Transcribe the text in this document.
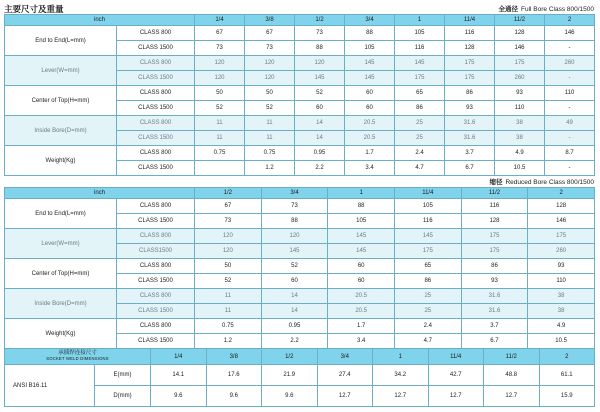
主要尺寸及重量	全通径 Full Bore Class 800/1500
inch		1/4	3/8	1/2	3/4	1	11/4	11/2	2
End to End(L=mm)	CLASS 800	67	67	73	88	105	116	128	146
	CLASS 1500	73	73	88	105	116	128	146	-
Lever(W=mm)	CLASS 800	120	120	120	145	145	175	175	260
	CLASS 1500	120	120	145	145	175	175	260	-
Center of Top(H=mm)	CLASS 800	50	50	52	60	65	86	93	110
	CLASS 1500	52	52	60	60	86	93	110	-
Inside Bore(D=mm)	CLASS 800	11	11	14	20.5	25	31.6	38	49
	CLASS 1500	11	11	14	20.5	25	31.6	38	-
Weight(Kg)	CLASS 800	0.75	0.75	0.95	1.7	2.4	3.7	4.9	8.7
	CLASS 1500		1.2	2.2	3.4	4.7	6.7	10.5	-
缩径 Reduced Bore Class 800/1500
inch		1/2	3/4	1	11/4	11/2	2
End to End(L=mm)	CLASS 800	67	73	88	105	116	128
	CLASS 1500	73	88	105	116	128	146
Lever(W=mm)	CLASS 800	120	120	145	145	175	175
	CLASS1500	120	145	145	175	175	260
Center of Top(H=mm)	CLASS 800	50	52	60	65	86	93
	CLASS 1500	52	60	60	86	93	110
Inside Bore(D=mm)	CLASS 800	11	14	20.5	25	31.6	38
	CLASS 1500	11	14	20.5	25	31.6	38
Weight(Kg)	CLASS 800	0.75	0.95	1.7	2.4	3.7	4.9
	CLASS 1500	1.2	2.2	3.4	4.7	6.7	10.5
承插焊连接尺寸
SOCKET WELD DIMENSIONS		1/4	3/8	1/2	3/4	1	11/4	11/2	2
ANSI B16.11	E(mm)	14.1	17.6	21.9	27.4	34.2	42.7	48.8	61.1
	D(mm)	9.6	9.6	9.6	12.7	12.7	12.7	12.7	15.9
